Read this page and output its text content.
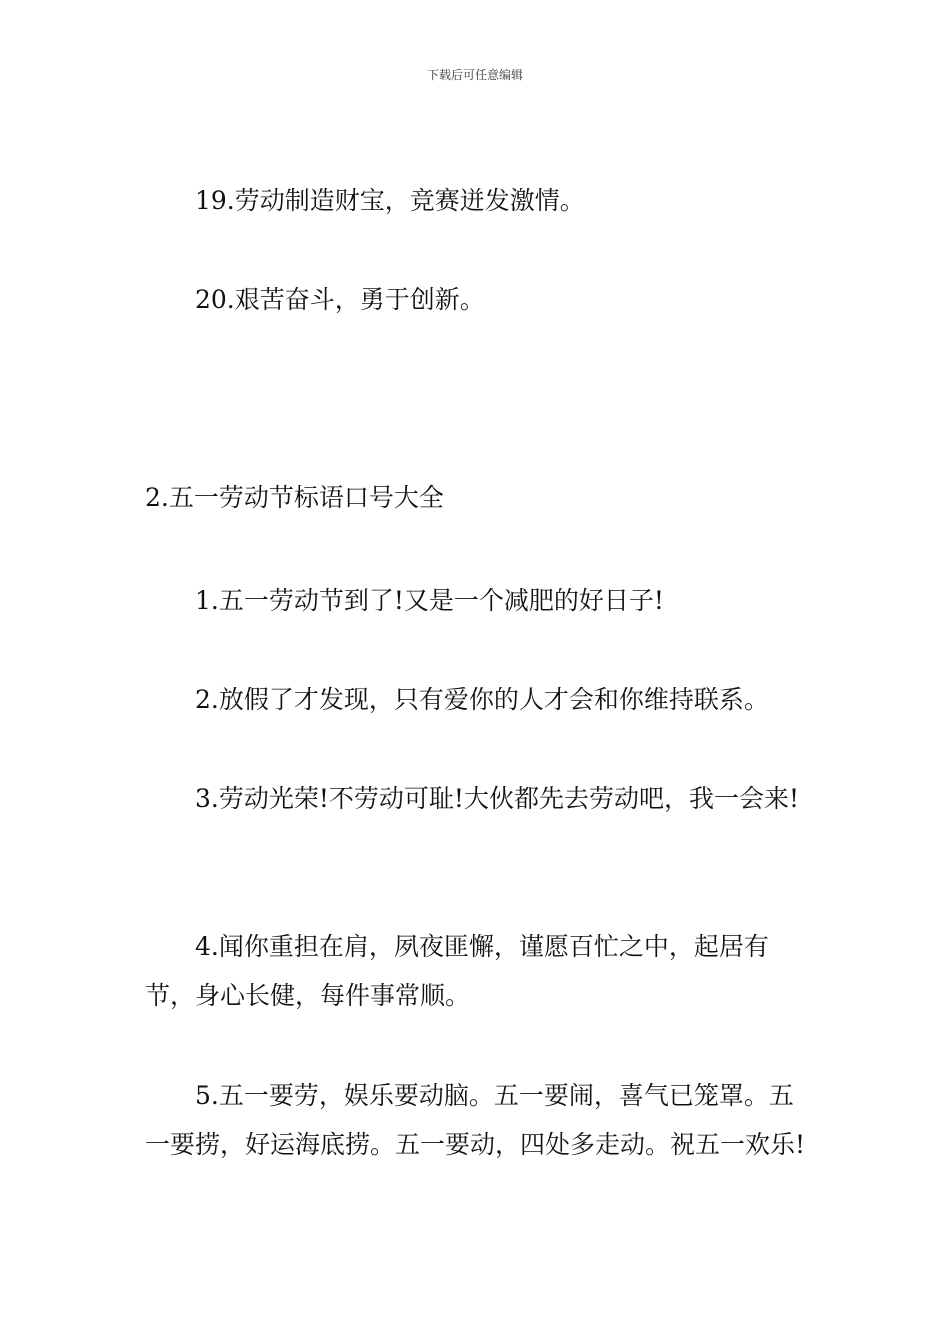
下载后可任意编辑
19.劳动制造财宝，竞赛迸发激情。
20.艰苦奋斗，勇于创新。
2.五一劳动节标语口号大全
1.五一劳动节到了!又是一个减肥的好日子!
2.放假了才发现，只有爱你的人才会和你维持联系。
3.劳动光荣!不劳动可耻!大伙都先去劳动吧，我一会来!
4.闻你重担在肩，夙夜匪懈，谨愿百忙之中，起居有节，身心长健，每件事常顺。
5.五一要劳，娱乐要动脑。五一要闹，喜气已笼罩。五一要捞，好运海底捞。五一要动，四处多走动。祝五一欢乐!
